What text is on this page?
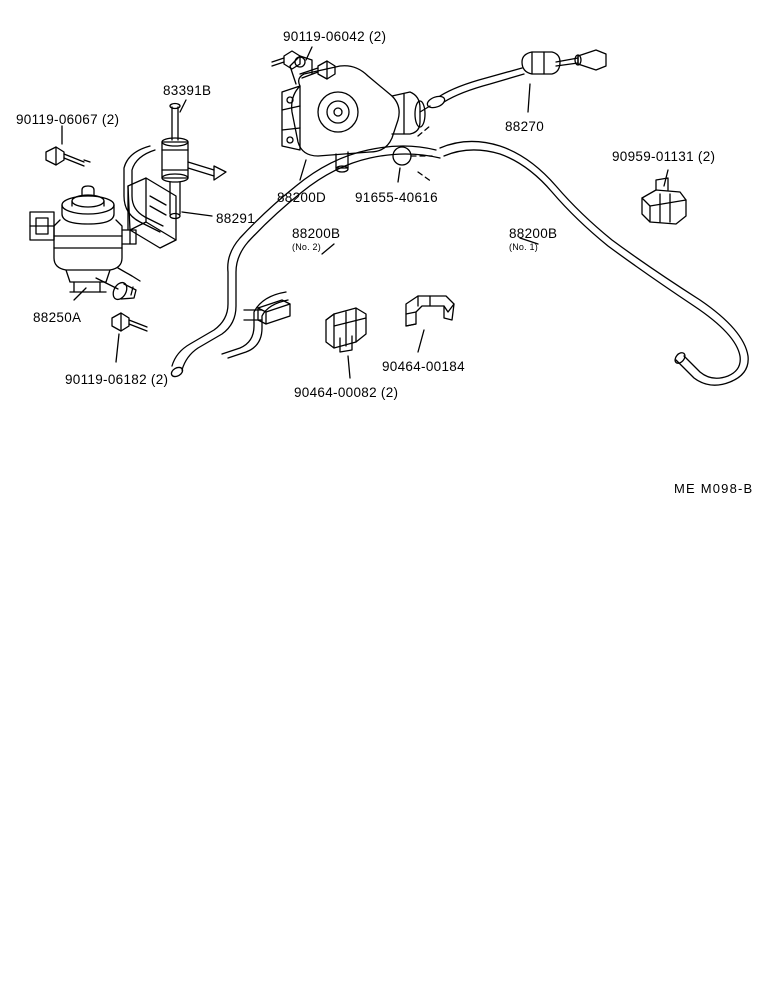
90119-06067 (2)
83391B
90119-06042 (2)
88270
90959-01131 (2)
88291
88200D 91655-40616
88200B
(No. 2)
88200B
(No. 1)
88250A
90119-06182 (2)
90464-00082 (2)
90464-00184
ME M098-B
